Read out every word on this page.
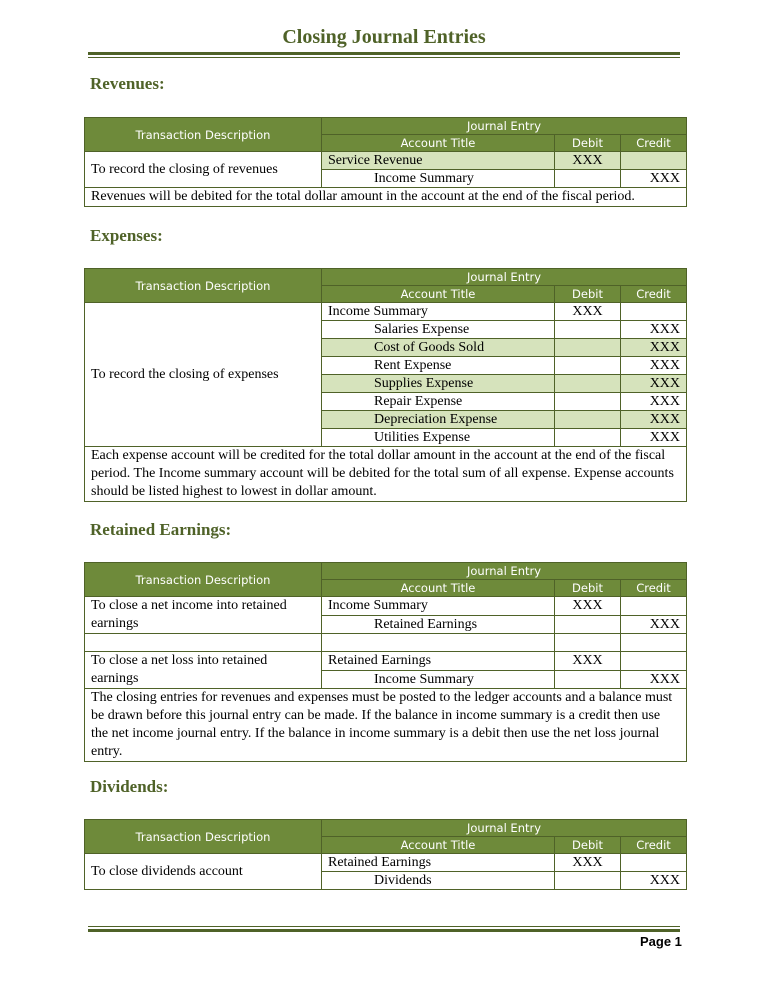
Closing Journal Entries
Revenues:
Transaction Description	Journal Entry		
	Account Title	Debit	Credit
To record the closing of revenues	Service Revenue	XXX	
	Income Summary		XXX
Revenues will be debited for the total dollar amount in the account at the end of the fiscal period.			
Expenses:
Transaction Description	Journal Entry		
	Account Title	Debit	Credit
To record the closing of expenses	Income Summary	XXX	
	Salaries Expense		XXX
	Cost of Goods Sold		XXX
	Rent Expense		XXX
	Supplies Expense		XXX
	Repair Expense		XXX
	Depreciation Expense		XXX
	Utilities Expense		XXX
Each expense account will be credited for the total dollar amount in the account at the end of the fiscal period. The Income summary account will be debited for the total sum of all expense. Expense accounts should be listed highest to lowest in dollar amount.			
Retained Earnings:
Transaction Description	Journal Entry		
	Account Title	Debit	Credit
To close a net income into retained earnings	Income Summary	XXX	
	Retained Earnings		XXX

To close a net loss into retained earnings	Retained Earnings	XXX	
	Income Summary		XXX
The closing entries for revenues and expenses must be posted to the ledger accounts and a balance must be drawn before this journal entry can be made. If the balance in income summary is a credit then use the net income journal entry. If the balance in income summary is a debit then use the net loss journal entry.			
Dividends:
Transaction Description	Journal Entry		
	Account Title	Debit	Credit
To close dividends account	Retained Earnings	XXX	
	Dividends		XXX
Page 1
